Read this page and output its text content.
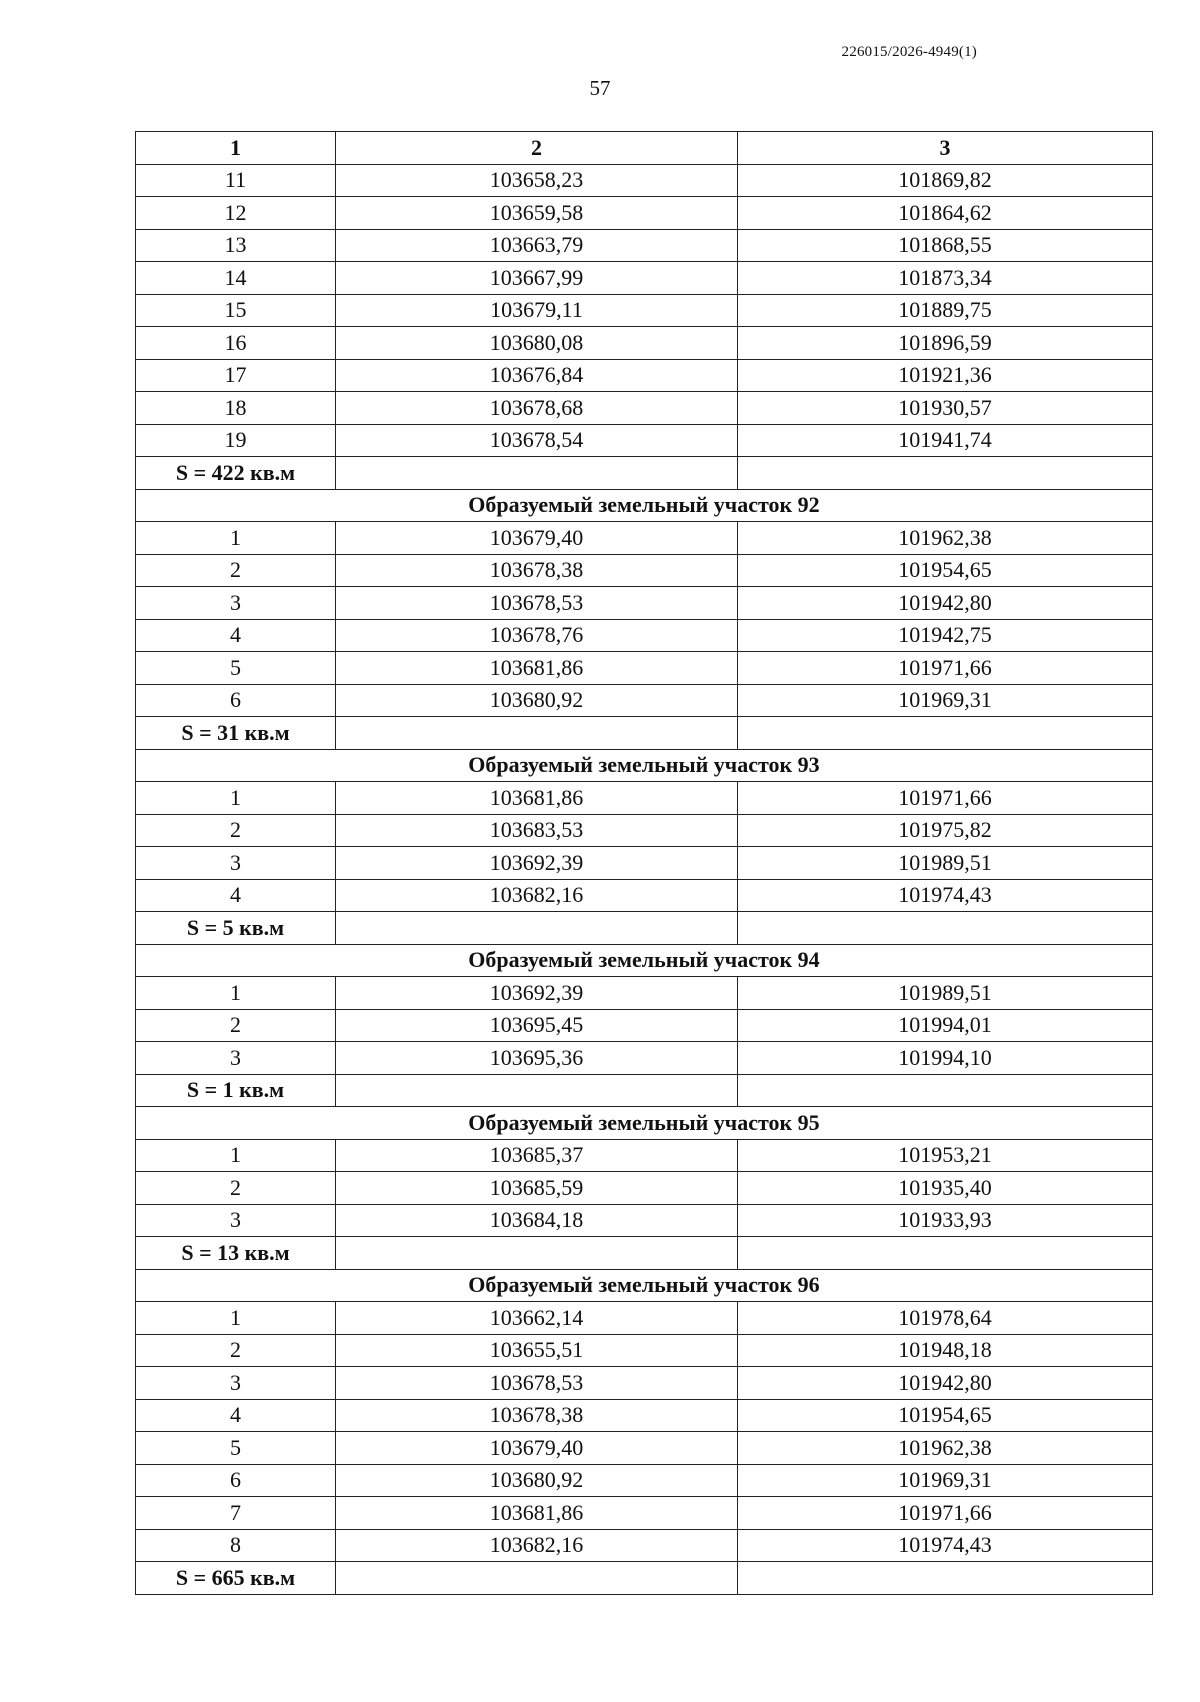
226015/2026-4949(1)
57
1	2	3
11	103658,23	101869,82
12	103659,58	101864,62
13	103663,79	101868,55
14	103667,99	101873,34
15	103679,11	101889,75
16	103680,08	101896,59
17	103676,84	101921,36
18	103678,68	101930,57
19	103678,54	101941,74
S = 422 кв.м		
Образуемый земельный участок 92		
1	103679,40	101962,38
2	103678,38	101954,65
3	103678,53	101942,80
4	103678,76	101942,75
5	103681,86	101971,66
6	103680,92	101969,31
S = 31 кв.м		
Образуемый земельный участок 93		
1	103681,86	101971,66
2	103683,53	101975,82
3	103692,39	101989,51
4	103682,16	101974,43
S = 5 кв.м		
Образуемый земельный участок 94		
1	103692,39	101989,51
2	103695,45	101994,01
3	103695,36	101994,10
S = 1 кв.м		
Образуемый земельный участок 95		
1	103685,37	101953,21
2	103685,59	101935,40
3	103684,18	101933,93
S = 13 кв.м		
Образуемый земельный участок 96		
1	103662,14	101978,64
2	103655,51	101948,18
3	103678,53	101942,80
4	103678,38	101954,65
5	103679,40	101962,38
6	103680,92	101969,31
7	103681,86	101971,66
8	103682,16	101974,43
S = 665 кв.м		
